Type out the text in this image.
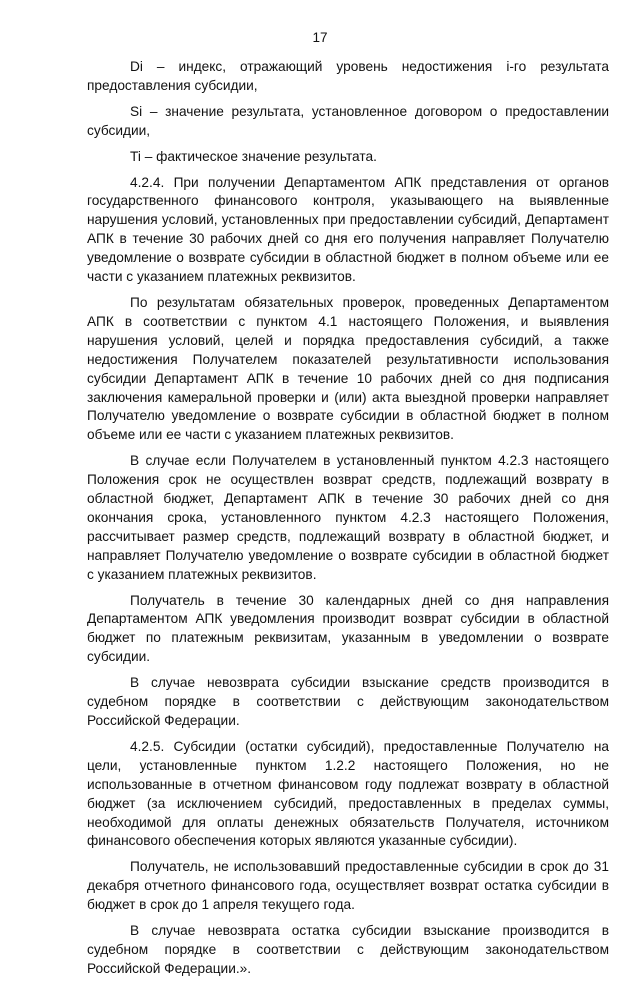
17

Di – индекс, отражающий уровень недостижения i-го результата предоставления субсидии,

Si – значение результата, установленное договором о предоставлении субсидии,

Ti – фактическое значение результата.

4.2.4. При получении Департаментом АПК представления от органов государственного финансового контроля, указывающего на выявленные нарушения условий, установленных при предоставлении субсидий, Департамент АПК в течение 30 рабочих дней со дня его получения направляет Получателю уведомление о возврате субсидии в областной бюджет в полном объеме или ее части с указанием платежных реквизитов.

По результатам обязательных проверок, проведенных Департаментом АПК в соответствии с пунктом 4.1 настоящего Положения, и выявления нарушения условий, целей и порядка предоставления субсидий, а также недостижения Получателем показателей результативности использования субсидии Департамент АПК в течение 10 рабочих дней со дня подписания заключения камеральной проверки и (или) акта выездной проверки направляет Получателю уведомление о возврате субсидии в областной бюджет в полном объеме или ее части с указанием платежных реквизитов.

В случае если Получателем в установленный пунктом 4.2.3 настоящего Положения срок не осуществлен возврат средств, подлежащий возврату в областной бюджет, Департамент АПК в течение 30 рабочих дней со дня окончания срока, установленного пунктом 4.2.3 настоящего Положения, рассчитывает размер средств, подлежащий возврату в областной бюджет, и направляет Получателю уведомление о возврате субсидии в областной бюджет с указанием платежных реквизитов.

Получатель в течение 30 календарных дней со дня направления Департаментом АПК уведомления производит возврат субсидии в областной бюджет по платежным реквизитам, указанным в уведомлении о возврате субсидии.

В случае невозврата субсидии взыскание средств производится в судебном порядке в соответствии с действующим законодательством Российской Федерации.

4.2.5. Субсидии (остатки субсидий), предоставленные Получателю на цели, установленные пунктом 1.2.2 настоящего Положения, но не использованные в отчетном финансовом году подлежат возврату в областной бюджет (за исключением субсидий, предоставленных в пределах суммы, необходимой для оплаты денежных обязательств Получателя, источником финансового обеспечения которых являются указанные субсидии).

Получатель, не использовавший предоставленные субсидии в срок до 31 декабря отчетного финансового года, осуществляет возврат остатка субсидии в бюджет в срок до 1 апреля текущего года.

В случае невозврата остатка субсидии взыскание производится в судебном порядке в соответствии с действующим законодательством Российской Федерации.».
